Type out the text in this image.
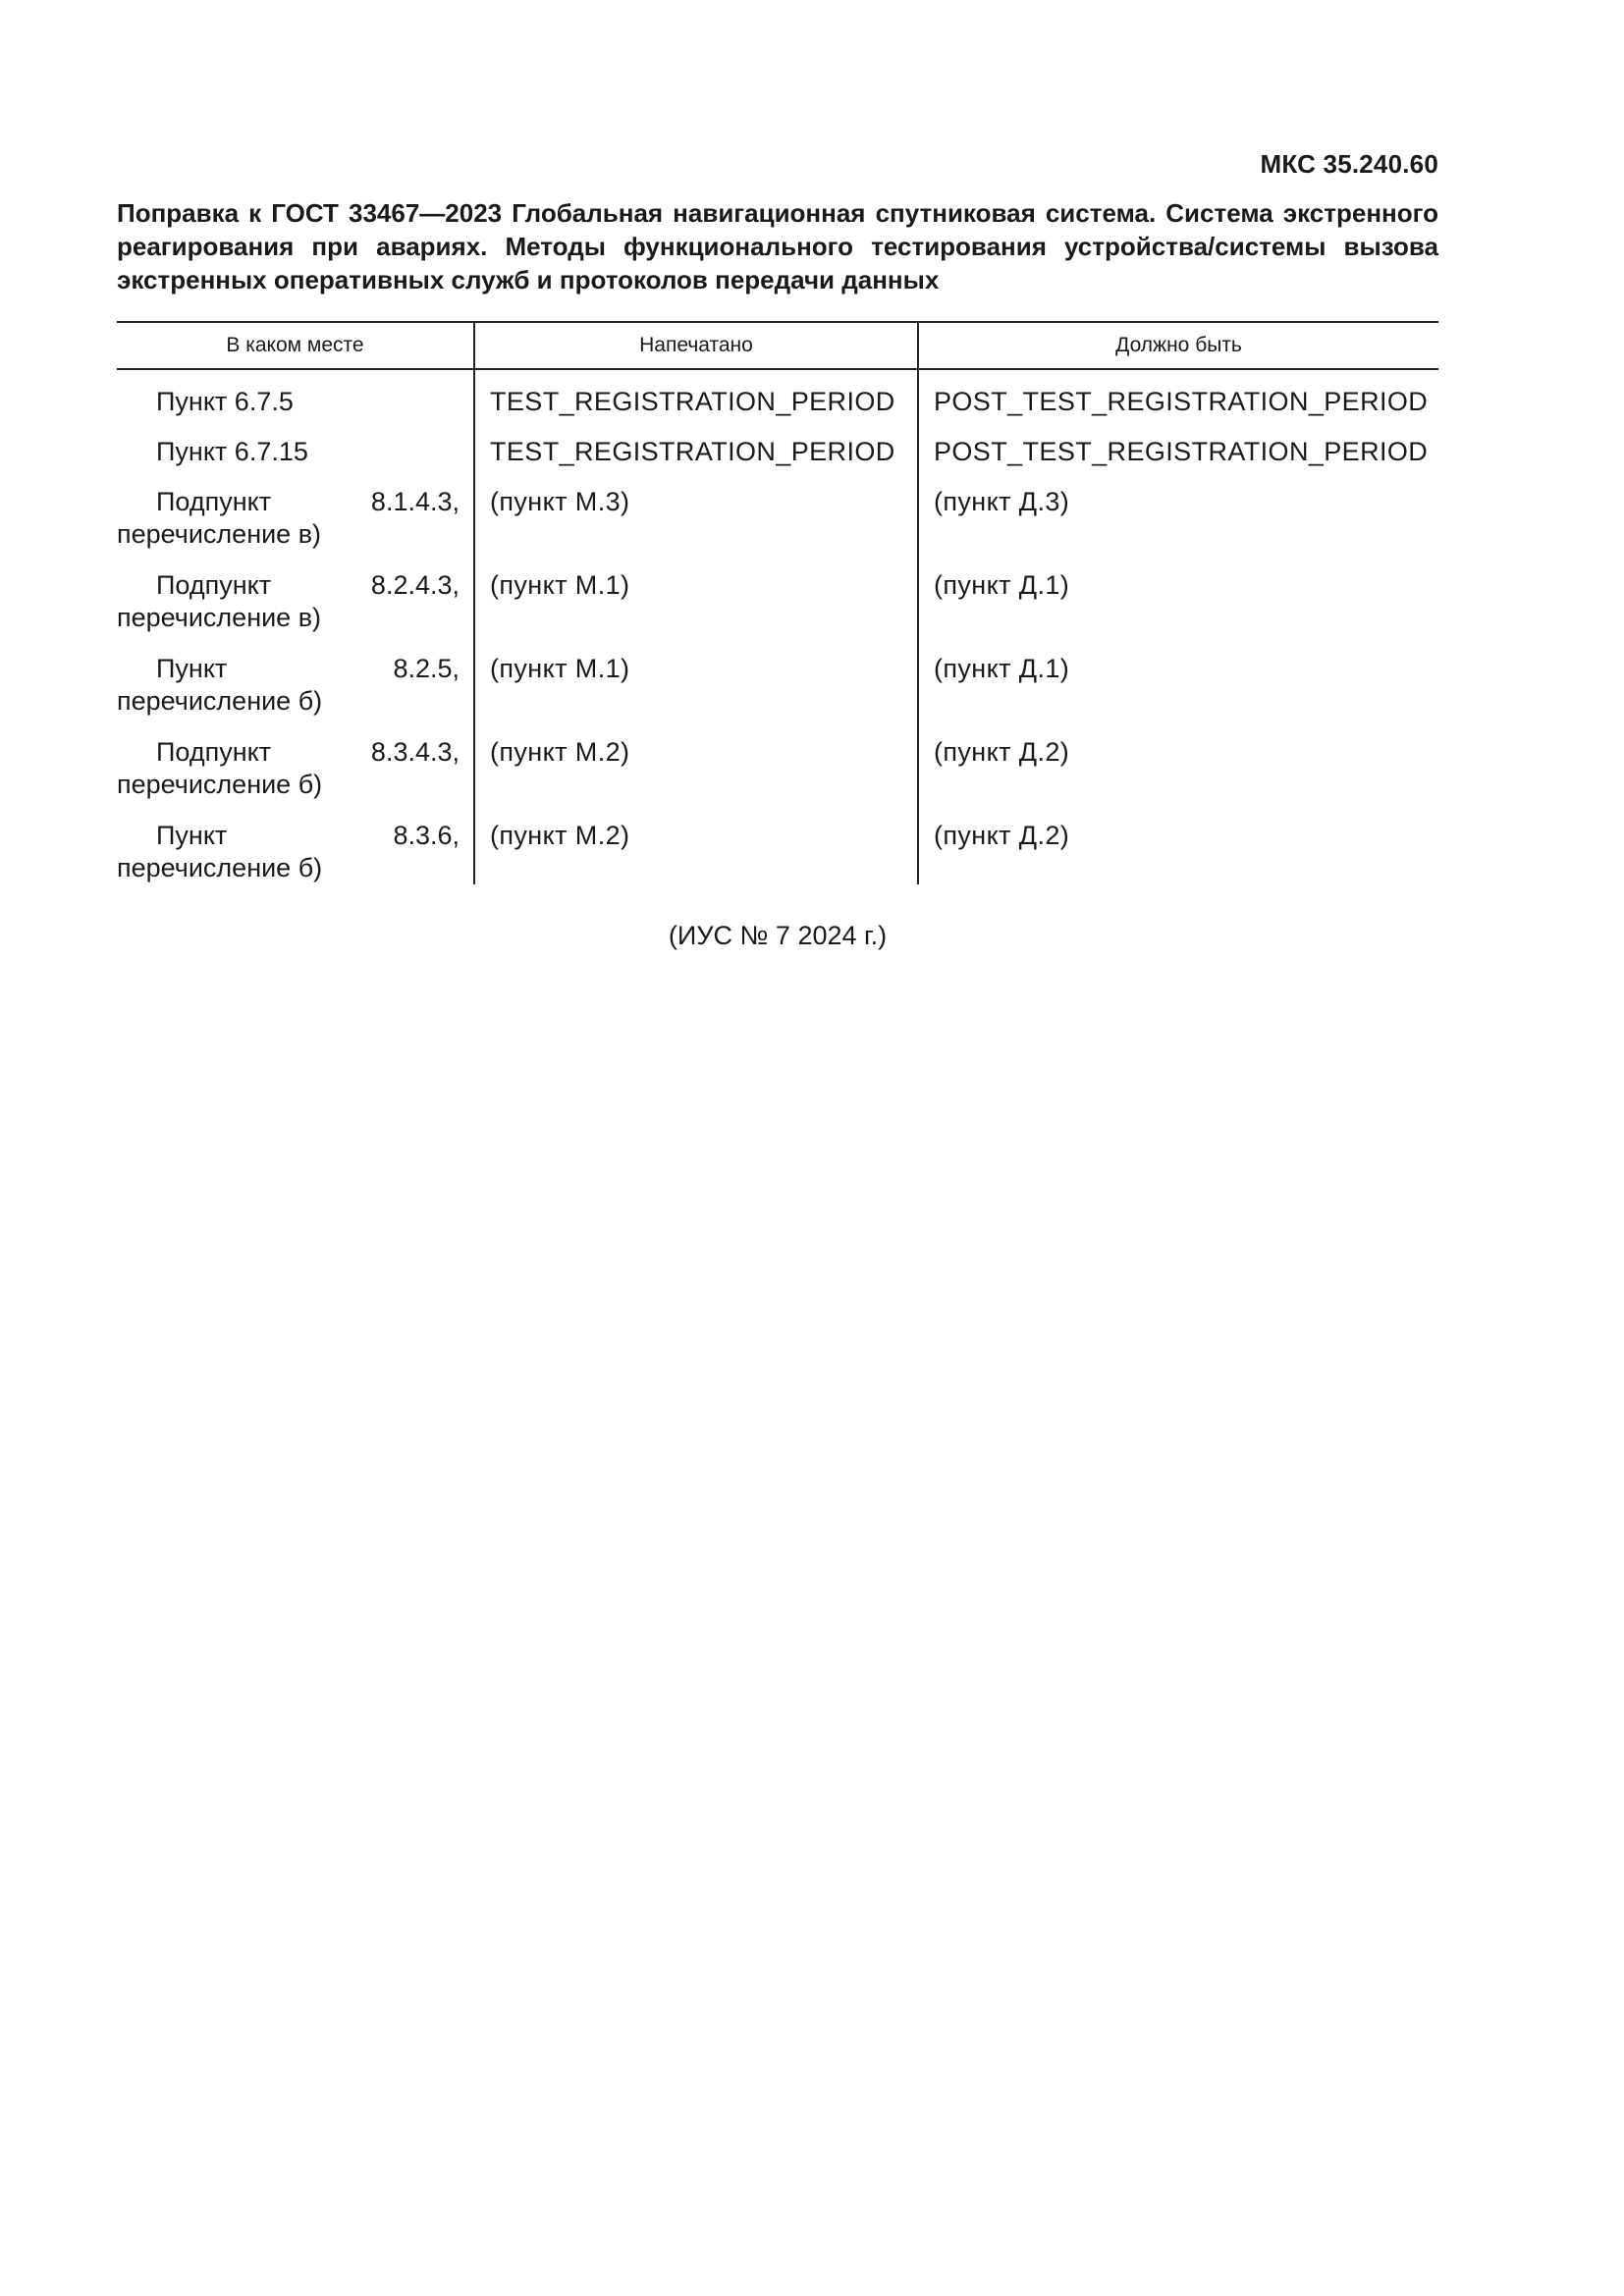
МКС 35.240.60
Поправка к ГОСТ 33467—2023 Глобальная навигационная спутниковая система. Система экстренного реагирования при авариях. Методы функционального тестирования устройства/системы вызова экстренных оперативных служб и протоколов передачи данных
В каком месте	Напечатано	Должно быть
Пункт 6.7.5	TEST_REGISTRATION_PERIOD	POST_TEST_REGISTRATION_PERIOD
Пункт 6.7.15	TEST_REGISTRATION_PERIOD	POST_TEST_REGISTRATION_PERIOD
Подпункт 8.1.4.3, перечисление в)	(пункт М.3)	(пункт Д.3)
Подпункт 8.2.4.3, перечисление в)	(пункт М.1)	(пункт Д.1)
Пункт 8.2.5, перечисление б)	(пункт М.1)	(пункт Д.1)
Подпункт 8.3.4.3, перечисление б)	(пункт М.2)	(пункт Д.2)
Пункт 8.3.6, перечисление б)	(пункт М.2)	(пункт Д.2)
(ИУС № 7 2024 г.)
